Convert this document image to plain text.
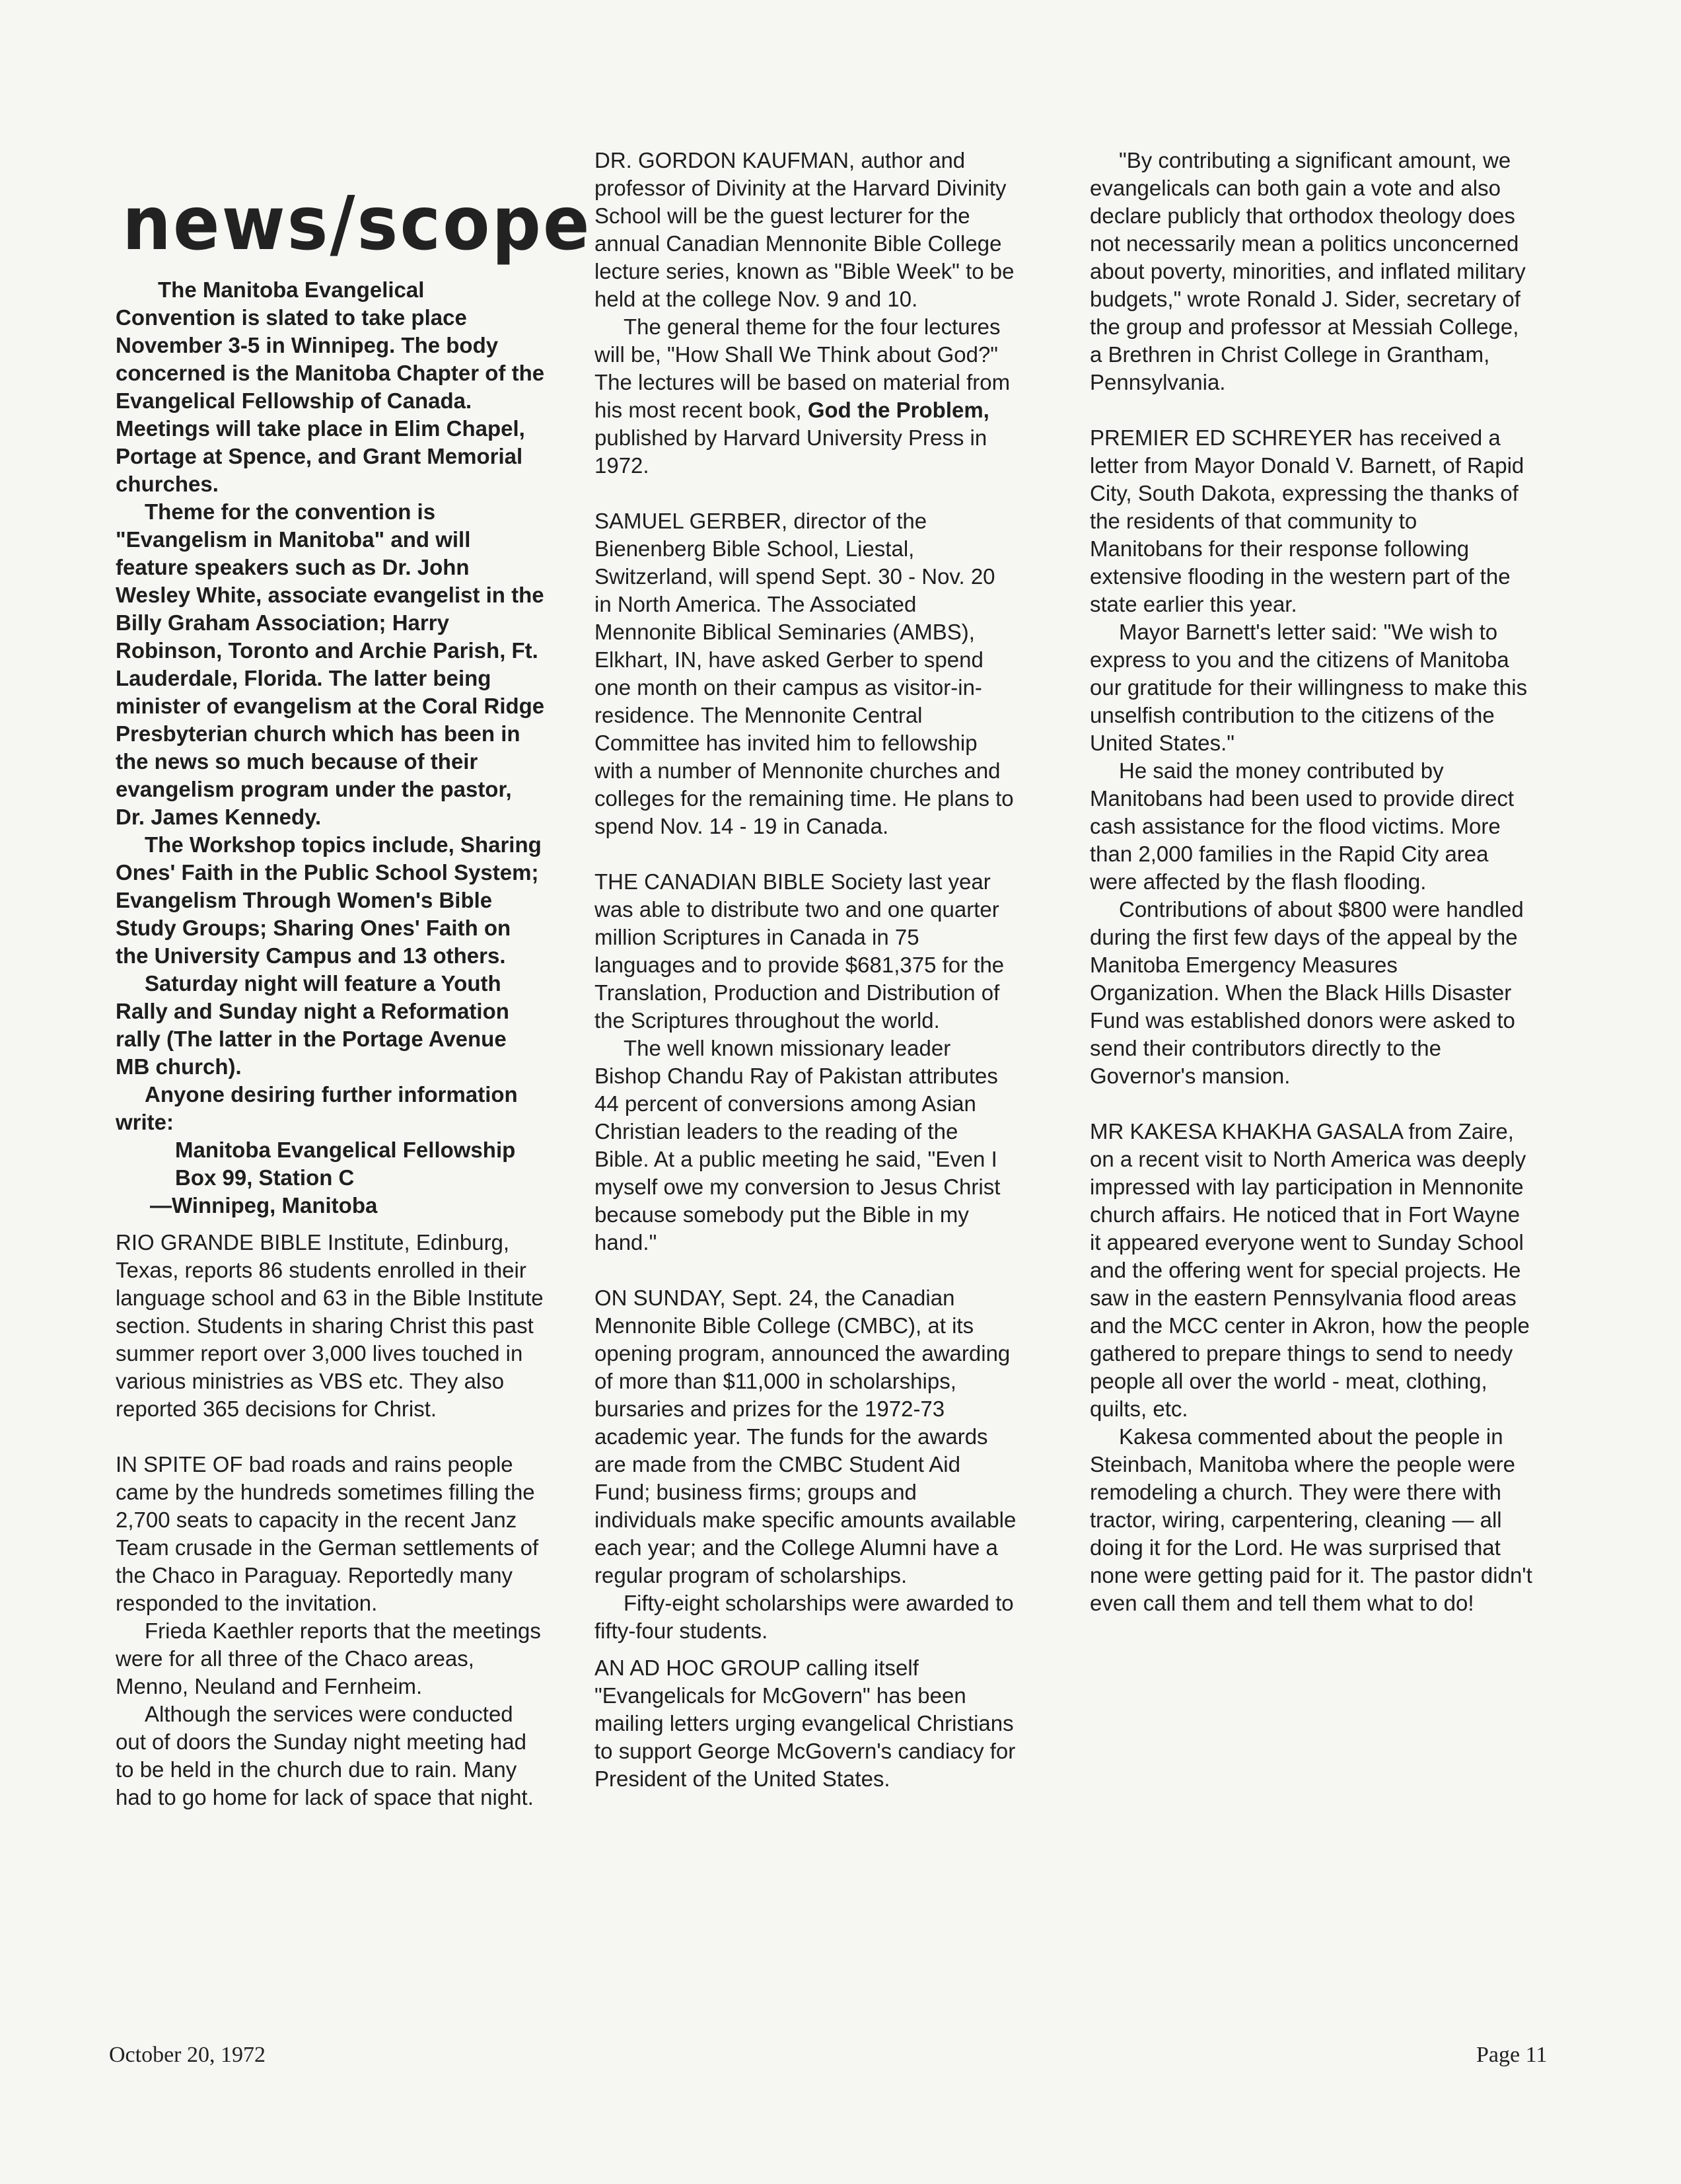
news/scope

The Manitoba Evangelical Convention is slated to take place November 3-5 in Winnipeg. The body concerned is the Manitoba Chapter of the Evangelical Fellowship of Canada. Meetings will take place in Elim Chapel, Portage at Spence, and Grant Memorial churches.

Theme for the convention is "Evangelism in Manitoba" and will feature speakers such as Dr. John Wesley White, associate evangelist in the Billy Graham Association; Harry Robinson, Toronto and Archie Parish, Ft. Lauderdale, Florida. The latter being minister of evangelism at the Coral Ridge Presbyterian church which has been in the news so much because of their evangelism program under the pastor, Dr. James Kennedy.

The Workshop topics include, Sharing Ones' Faith in the Public School System; Evangelism Through Women's Bible Study Groups; Sharing Ones' Faith on the University Campus and 13 others.

Saturday night will feature a Youth Rally and Sunday night a Reformation rally (The latter in the Portage Avenue MB church).

Anyone desiring further information write:

Manitoba Evangelical Fellowship
Box 99, Station C
—Winnipeg, Manitoba

RIO GRANDE BIBLE Institute, Edinburg, Texas, reports 86 students enrolled in their language school and 63 in the Bible Institute section. Students in sharing Christ this past summer report over 3,000 lives touched in various ministries as VBS etc. They also reported 365 decisions for Christ.

IN SPITE OF bad roads and rains people came by the hundreds sometimes filling the 2,700 seats to capacity in the recent Janz Team crusade in the German settlements of the Chaco in Paraguay. Reportedly many responded to the invitation.

Frieda Kaethler reports that the meetings were for all three of the Chaco areas, Menno, Neuland and Fernheim.

Although the services were conducted out of doors the Sunday night meeting had to be held in the church due to rain. Many had to go home for lack of space that night.

DR. GORDON KAUFMAN, author and professor of Divinity at the Harvard Divinity School will be the guest lecturer for the annual Canadian Mennonite Bible College lecture series, known as "Bible Week" to be held at the college Nov. 9 and 10.

The general theme for the four lectures will be, "How Shall We Think about God?" The lectures will be based on material from his most recent book, God the Problem, published by Harvard University Press in 1972.

SAMUEL GERBER, director of the Bienenberg Bible School, Liestal, Switzerland, will spend Sept. 30 - Nov. 20 in North America. The Associated Mennonite Biblical Seminaries (AMBS), Elkhart, IN, have asked Gerber to spend one month on their campus as visitor-in-residence. The Mennonite Central Committee has invited him to fellowship with a number of Mennonite churches and colleges for the remaining time. He plans to spend Nov. 14 - 19 in Canada.

THE CANADIAN BIBLE Society last year was able to distribute two and one quarter million Scriptures in Canada in 75 languages and to provide $681,375 for the Translation, Production and Distribution of the Scriptures throughout the world.

The well known missionary leader Bishop Chandu Ray of Pakistan attributes 44 percent of conversions among Asian Christian leaders to the reading of the Bible. At a public meeting he said, "Even I myself owe my conversion to Jesus Christ because somebody put the Bible in my hand."

ON SUNDAY, Sept. 24, the Canadian Mennonite Bible College (CMBC), at its opening program, announced the awarding of more than $11,000 in scholarships, bursaries and prizes for the 1972-73 academic year. The funds for the awards are made from the CMBC Student Aid Fund; business firms; groups and individuals make specific amounts available each year; and the College Alumni have a regular program of scholarships.

Fifty-eight scholarships were awarded to fifty-four students.

AN AD HOC GROUP calling itself "Evangelicals for McGovern" has been mailing letters urging evangelical Christians to support George McGovern's candiacy for President of the United States.

"By contributing a significant amount, we evangelicals can both gain a vote and also declare publicly that orthodox theology does not necessarily mean a politics unconcerned about poverty, minorities, and inflated military budgets," wrote Ronald J. Sider, secretary of the group and professor at Messiah College, a Brethren in Christ College in Grantham, Pennsylvania.

PREMIER ED SCHREYER has received a letter from Mayor Donald V. Barnett, of Rapid City, South Dakota, expressing the thanks of the residents of that community to Manitobans for their response following extensive flooding in the western part of the state earlier this year.

Mayor Barnett's letter said: "We wish to express to you and the citizens of Manitoba our gratitude for their willingness to make this unselfish contribution to the citizens of the United States."

He said the money contributed by Manitobans had been used to provide direct cash assistance for the flood victims. More than 2,000 families in the Rapid City area were affected by the flash flooding.

Contributions of about $800 were handled during the first few days of the appeal by the Manitoba Emergency Measures Organization. When the Black Hills Disaster Fund was established donors were asked to send their contributors directly to the Governor's mansion.

MR KAKESA KHAKHA GASALA from Zaire, on a recent visit to North America was deeply impressed with lay participation in Mennonite church affairs. He noticed that in Fort Wayne it appeared everyone went to Sunday School and the offering went for special projects. He saw in the eastern Pennsylvania flood areas and the MCC center in Akron, how the people gathered to prepare things to send to needy people all over the world - meat, clothing, quilts, etc.

Kakesa commented about the people in Steinbach, Manitoba where the people were remodeling a church. They were there with tractor, wiring, carpentering, cleaning — all doing it for the Lord. He was surprised that none were getting paid for it. The pastor didn't even call them and tell them what to do!

October 20, 1972	Page 11
